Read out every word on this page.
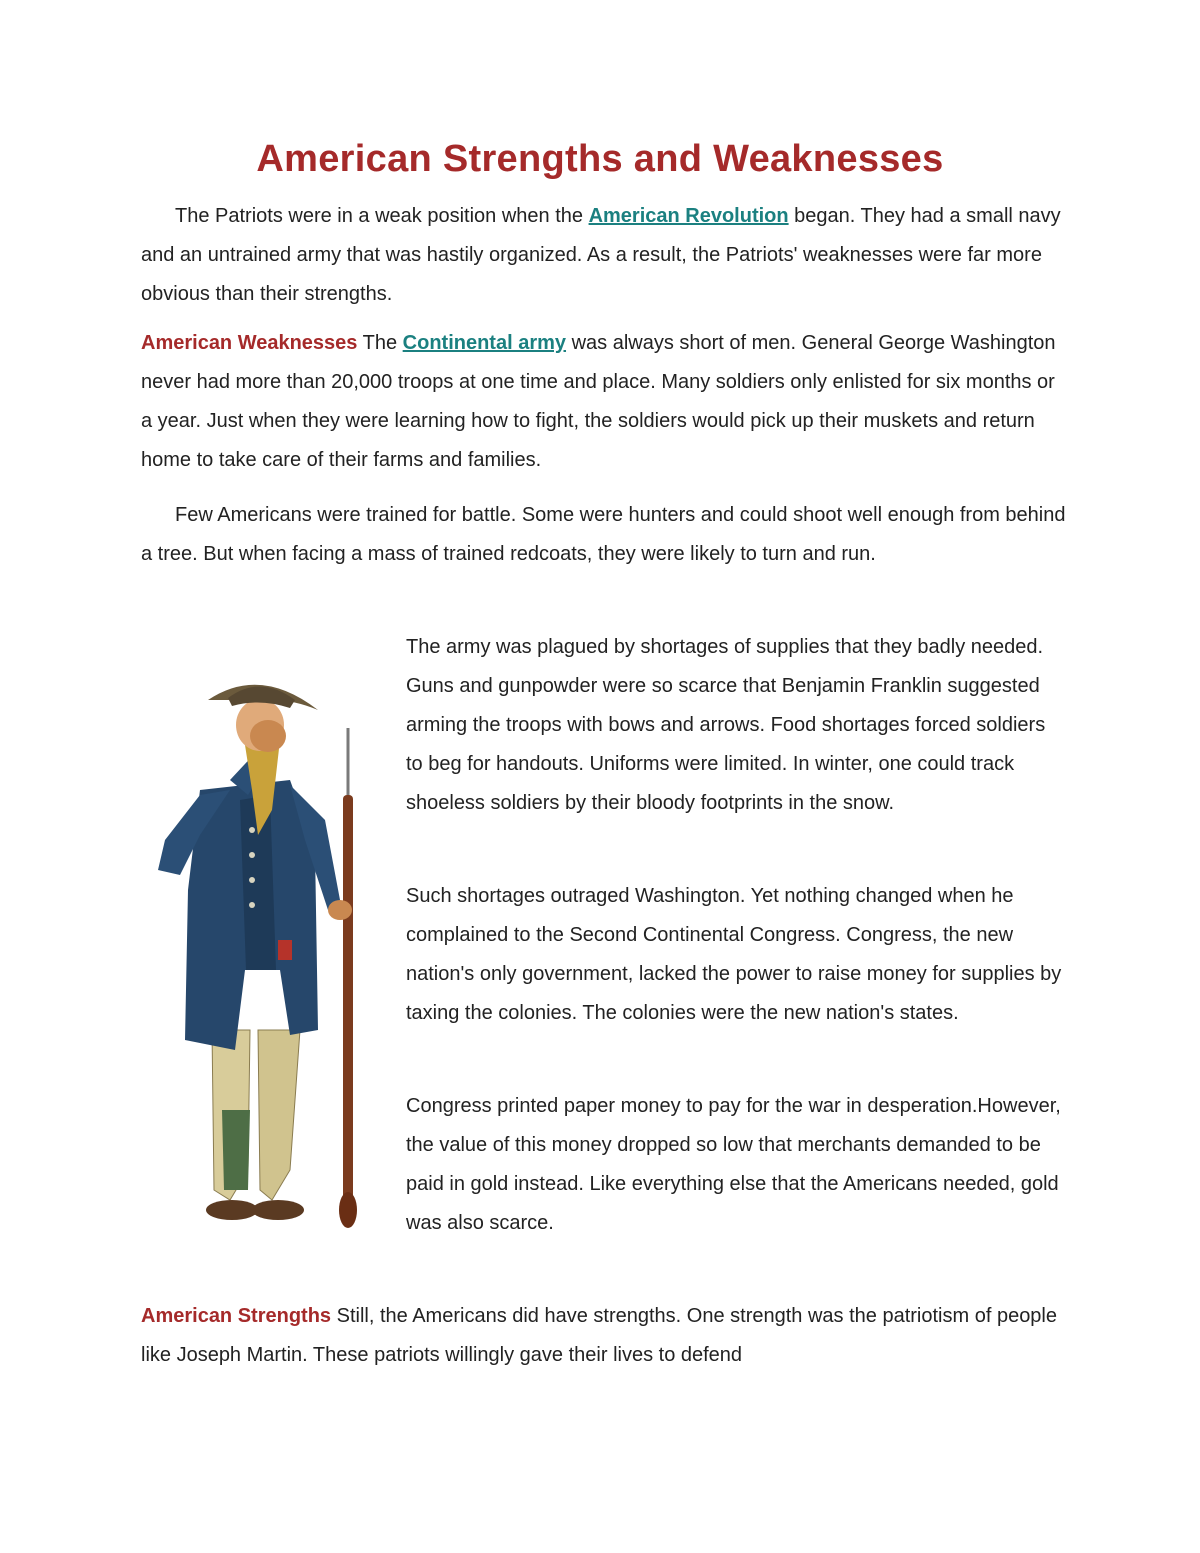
American Strengths and Weaknesses

The Patriots were in a weak position when the American Revolution began. They had a small navy and an untrained army that was hastily organized. As a result, the Patriots' weaknesses were far more obvious than their strengths.

American Weaknesses The Continental army was always short of men. General George Washington never had more than 20,000 troops at one time and place. Many soldiers only enlisted for six months or a year. Just when they were learning how to fight, the soldiers would pick up their muskets and return home to take care of their farms and families.

Few Americans were trained for battle. Some were hunters and could shoot well enough from behind a tree. But when facing a mass of trained redcoats, they were likely to turn and run.

The army was plagued by shortages of supplies that they badly needed. Guns and gunpowder were so scarce that Benjamin Franklin suggested arming the troops with bows and arrows. Food shortages forced soldiers to beg for handouts. Uniforms were limited. In winter, one could track shoeless soldiers by their bloody footprints in the snow.

Such shortages outraged Washington. Yet nothing changed when he complained to the Second Continental Congress. Congress, the new nation's only government, lacked the power to raise money for supplies by taxing the colonies. The colonies were the new nation's states.

Congress printed paper money to pay for the war in desperation.However, the value of this money dropped so low that merchants demanded to be paid in gold instead. Like everything else that the Americans needed, gold was also scarce.

American Strengths Still, the Americans did have strengths. One strength was the patriotism of people like Joseph Martin. These patriots willingly gave their lives to defend
